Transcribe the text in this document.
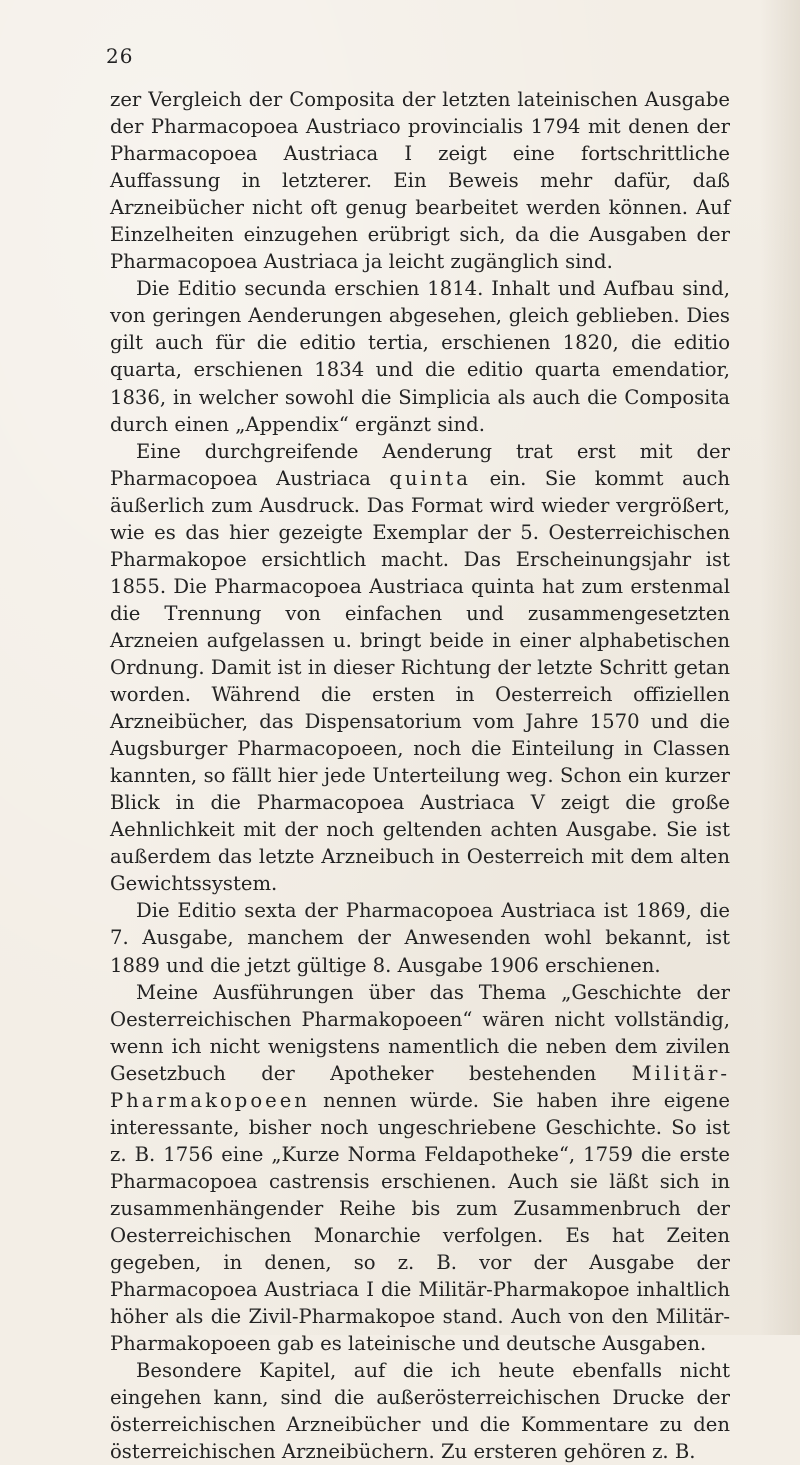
26

zer Vergleich der Composita der letzten lateinischen Ausgabe der Pharmacopoea Austriaco provincialis 1794 mit denen der Pharmacopoea Austriaca I zeigt eine fortschrittliche Auffassung in letzterer. Ein Beweis mehr dafür, daß Arzneibücher nicht oft genug bearbeitet werden können. Auf Einzelheiten einzugehen erübrigt sich, da die Ausgaben der Pharmacopoea Austriaca ja leicht zugänglich sind.

Die Editio secunda erschien 1814. Inhalt und Aufbau sind, von geringen Aenderungen abgesehen, gleich geblieben. Dies gilt auch für die editio tertia, erschienen 1820, die editio quarta, erschienen 1834 und die editio quarta emendatior, 1836, in welcher sowohl die Simplicia als auch die Composita durch einen „Appendix“ ergänzt sind.

Eine durchgreifende Aenderung trat erst mit der Pharmacopoea Austriaca quinta ein. Sie kommt auch äußerlich zum Ausdruck. Das Format wird wieder vergrößert, wie es das hier gezeigte Exemplar der 5. Oesterreichischen Pharmakopoe ersichtlich macht. Das Erscheinungsjahr ist 1855. Die Pharmacopoea Austriaca quinta hat zum erstenmal die Trennung von einfachen und zusammengesetzten Arzneien aufgelassen u. bringt beide in einer alphabetischen Ordnung. Damit ist in dieser Richtung der letzte Schritt getan worden. Während die ersten in Oesterreich offiziellen Arzneibücher, das Dispensatorium vom Jahre 1570 und die Augsburger Pharmacopoeen, noch die Einteilung in Classen kannten, so fällt hier jede Unterteilung weg. Schon ein kurzer Blick in die Pharmacopoea Austriaca V zeigt die große Aehnlichkeit mit der noch geltenden achten Ausgabe. Sie ist außerdem das letzte Arzneibuch in Oesterreich mit dem alten Gewichtssystem.

Die Editio sexta der Pharmacopoea Austriaca ist 1869, die 7. Ausgabe, manchem der Anwesenden wohl bekannt, ist 1889 und die jetzt gültige 8. Ausgabe 1906 erschienen.

Meine Ausführungen über das Thema „Geschichte der Oesterreichischen Pharmakopoeen“ wären nicht vollständig, wenn ich nicht wenigstens namentlich die neben dem zivilen Gesetzbuch der Apotheker bestehenden Militär-Pharmakopoeen nennen würde. Sie haben ihre eigene interessante, bisher noch ungeschriebene Geschichte. So ist z. B. 1756 eine „Kurze Norma Feldapotheke“, 1759 die erste Pharmacopoea castrensis erschienen. Auch sie läßt sich in zusammenhängender Reihe bis zum Zusammenbruch der Oesterreichischen Monarchie verfolgen. Es hat Zeiten gegeben, in denen, so z. B. vor der Ausgabe der Pharmacopoea Austriaca I die Militär-Pharmakopoe inhaltlich höher als die Zivil-Pharmakopoe stand. Auch von den Militär-Pharmakopoeen gab es lateinische und deutsche Ausgaben.

Besondere Kapitel, auf die ich heute ebenfalls nicht eingehen kann, sind die außerösterreichischen Drucke der österreichischen Arzneibücher und die Kommentare zu den österreichischen Arzneibüchern. Zu ersteren gehören z. B.
